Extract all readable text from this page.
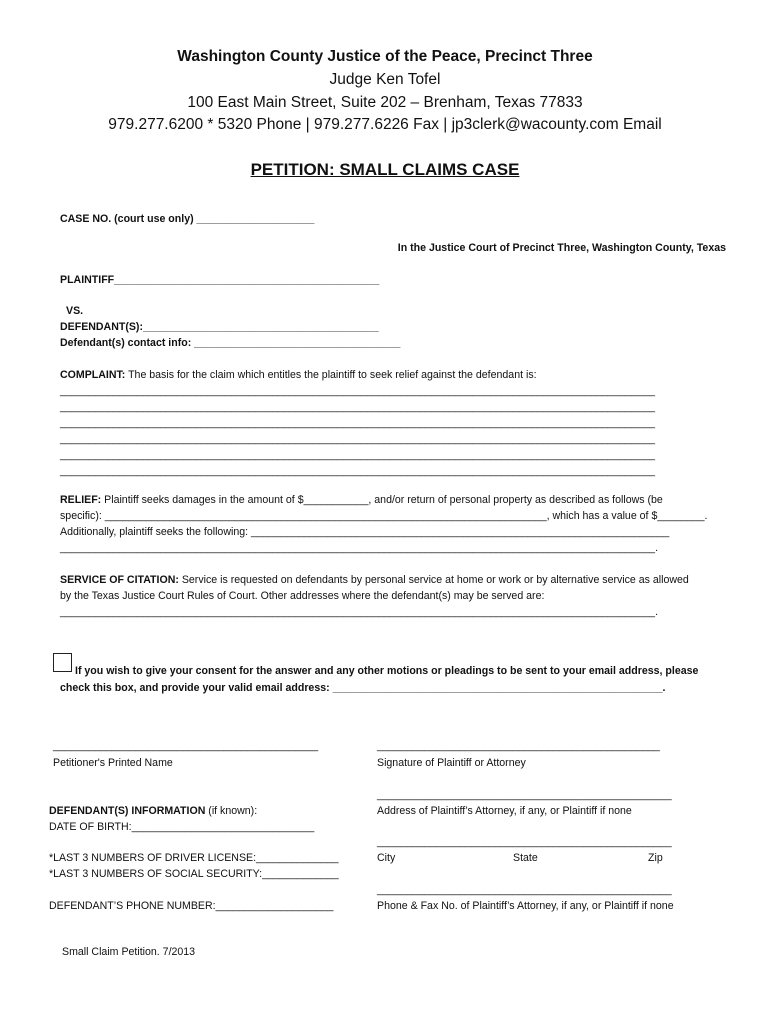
Washington County Justice of the Peace, Precinct Three
Judge Ken Tofel
100 East Main Street, Suite 202 – Brenham, Texas 77833
979.277.6200 * 5320 Phone | 979.277.6226 Fax | jp3clerk@wacounty.com Email
PETITION: SMALL CLAIMS CASE
CASE NO. (court use only) ____________________
In the Justice Court of Precinct Three, Washington County, Texas
PLAINTIFF_____________________________________________
VS.
DEFENDANT(S):________________________________________
Defendant(s) contact info: ___________________________________
COMPLAINT: The basis for the claim which entitles the plaintiff to seek relief against the defendant is:
_____________________________________________________________________________________________________
_____________________________________________________________________________________________________
_____________________________________________________________________________________________________
_____________________________________________________________________________________________________
_____________________________________________________________________________________________________
_____________________________________________________________________________________________________
RELIEF: Plaintiff seeks damages in the amount of $___________, and/or return of personal property as described as follows (be
specific): ___________________________________________________________________________, which has a value of $________.
Additionally, plaintiff seeks the following: _______________________________________________________________________
_____________________________________________________________________________________________________.
SERVICE OF CITATION: Service is requested on defendants by personal service at home or work or by alternative service as allowed
by the Texas Justice Court Rules of Court. Other addresses where the defendant(s) may be served are:
_____________________________________________________________________________________________________.
If you wish to give your consent for the answer and any other motions or pleadings to be sent to your email address, please
check this box, and provide your valid email address: ________________________________________________________.
_____________________________________________
Petitioner's Printed Name
________________________________________________
Signature of Plaintiff or Attorney
__________________________________________________
Address of Plaintiff’s Attorney, if any, or Plaintiff if none
__________________________________________________
City	State	Zip
__________________________________________________
Phone & Fax No. of Plaintiff’s Attorney, if any, or Plaintiff if none
DEFENDANT(S) INFORMATION (if known):
DATE OF BIRTH:_______________________________
*LAST 3 NUMBERS OF DRIVER LICENSE:______________
*LAST 3 NUMBERS OF SOCIAL SECURITY:_____________
DEFENDANT’S PHONE NUMBER:____________________
Small Claim Petition. 7/2013
